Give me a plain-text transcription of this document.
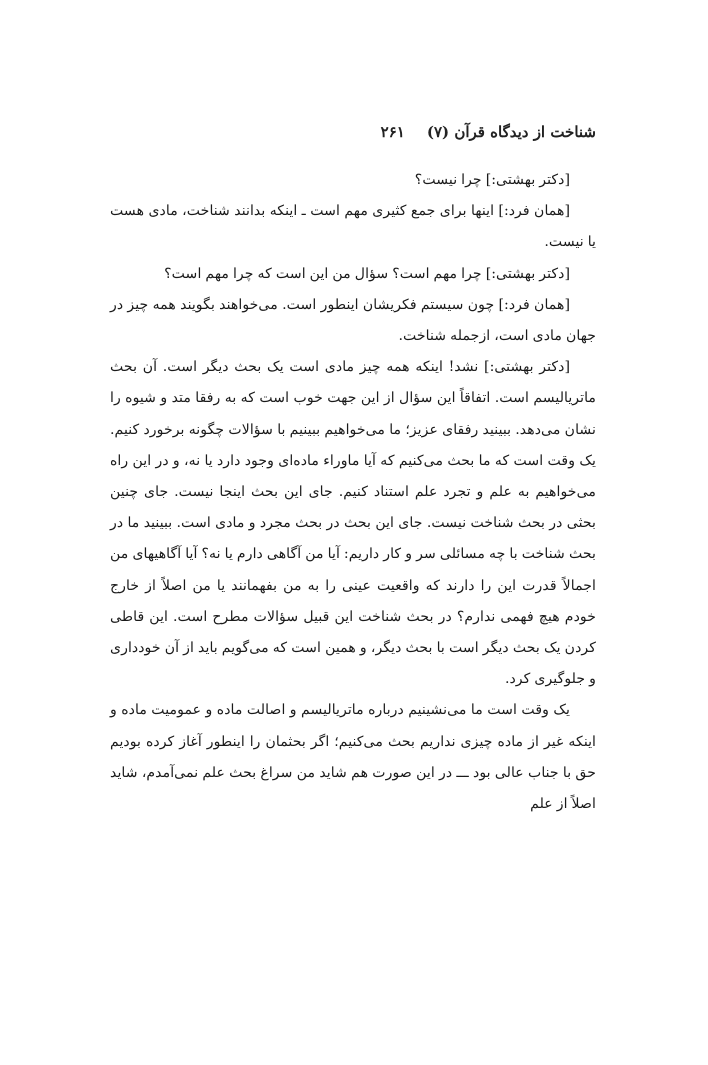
شناخت از دیدگاه قرآن (۷)
۲۶۱

[دکتر بهشتی:] چرا نیست؟

[همان فرد:] اینها برای جمع کثیری مهم است ـ اینکه بدانند شناخت، مادی هست یا نیست.

[دکتر بهشتی:] چرا مهم است؟ سؤال من این است که چرا مهم است؟

[همان فرد:] چون سیستم فکریشان اینطور است. می‌خواهند بگویند همه چیز در جهان مادی است، ازجمله شناخت.

[دکتر بهشتی:] نشد! اینکه همه چیز مادی است یک بحث دیگر است. آن بحث ماتریالیسم است. اتفاقاً این سؤال از این جهت خوب است که به رفقا متد و شیوه را نشان می‌دهد. ببینید رفقای عزیز؛ ما می‌خواهیم ببینیم با سؤالات چگونه برخورد کنیم. یک وقت است که ما بحث می‌کنیم که آیا ماوراء ماده‌ای وجود دارد یا نه، و در این راه می‌خواهیم به علم و تجرد علم استناد کنیم. جای این بحث اینجا نیست. جای چنین بحثی در بحث شناخت نیست. جای این بحث در بحث مجرد و مادی است. ببینید ما در بحث شناخت با چه مسائلی سر و کار داریم: آیا من آگاهی دارم یا نه؟ آیا آگاهیهای من اجمالاً قدرت این را دارند که واقعیت عینی را به من بفهمانند یا من اصلاً از خارج خودم هیچ فهمی ندارم؟ در بحث شناخت این قبیل سؤالات مطرح است. این قاطی کردن یک بحث دیگر است با بحث دیگر، و همین است که می‌گویم باید از آن خودداری و جلوگیری کرد.

یک وقت است ما می‌نشینیم درباره ماتریالیسم و اصالت ماده و عمومیت ماده و اینکه غیر از ماده چیزی نداریم بحث می‌کنیم؛ اگر بحثمان را اینطور آغاز کرده بودیم حق با جناب عالی بود ـــ در این صورت هم شاید من سراغ بحث علم نمی‌آمدم، شاید اصلاً از علم
